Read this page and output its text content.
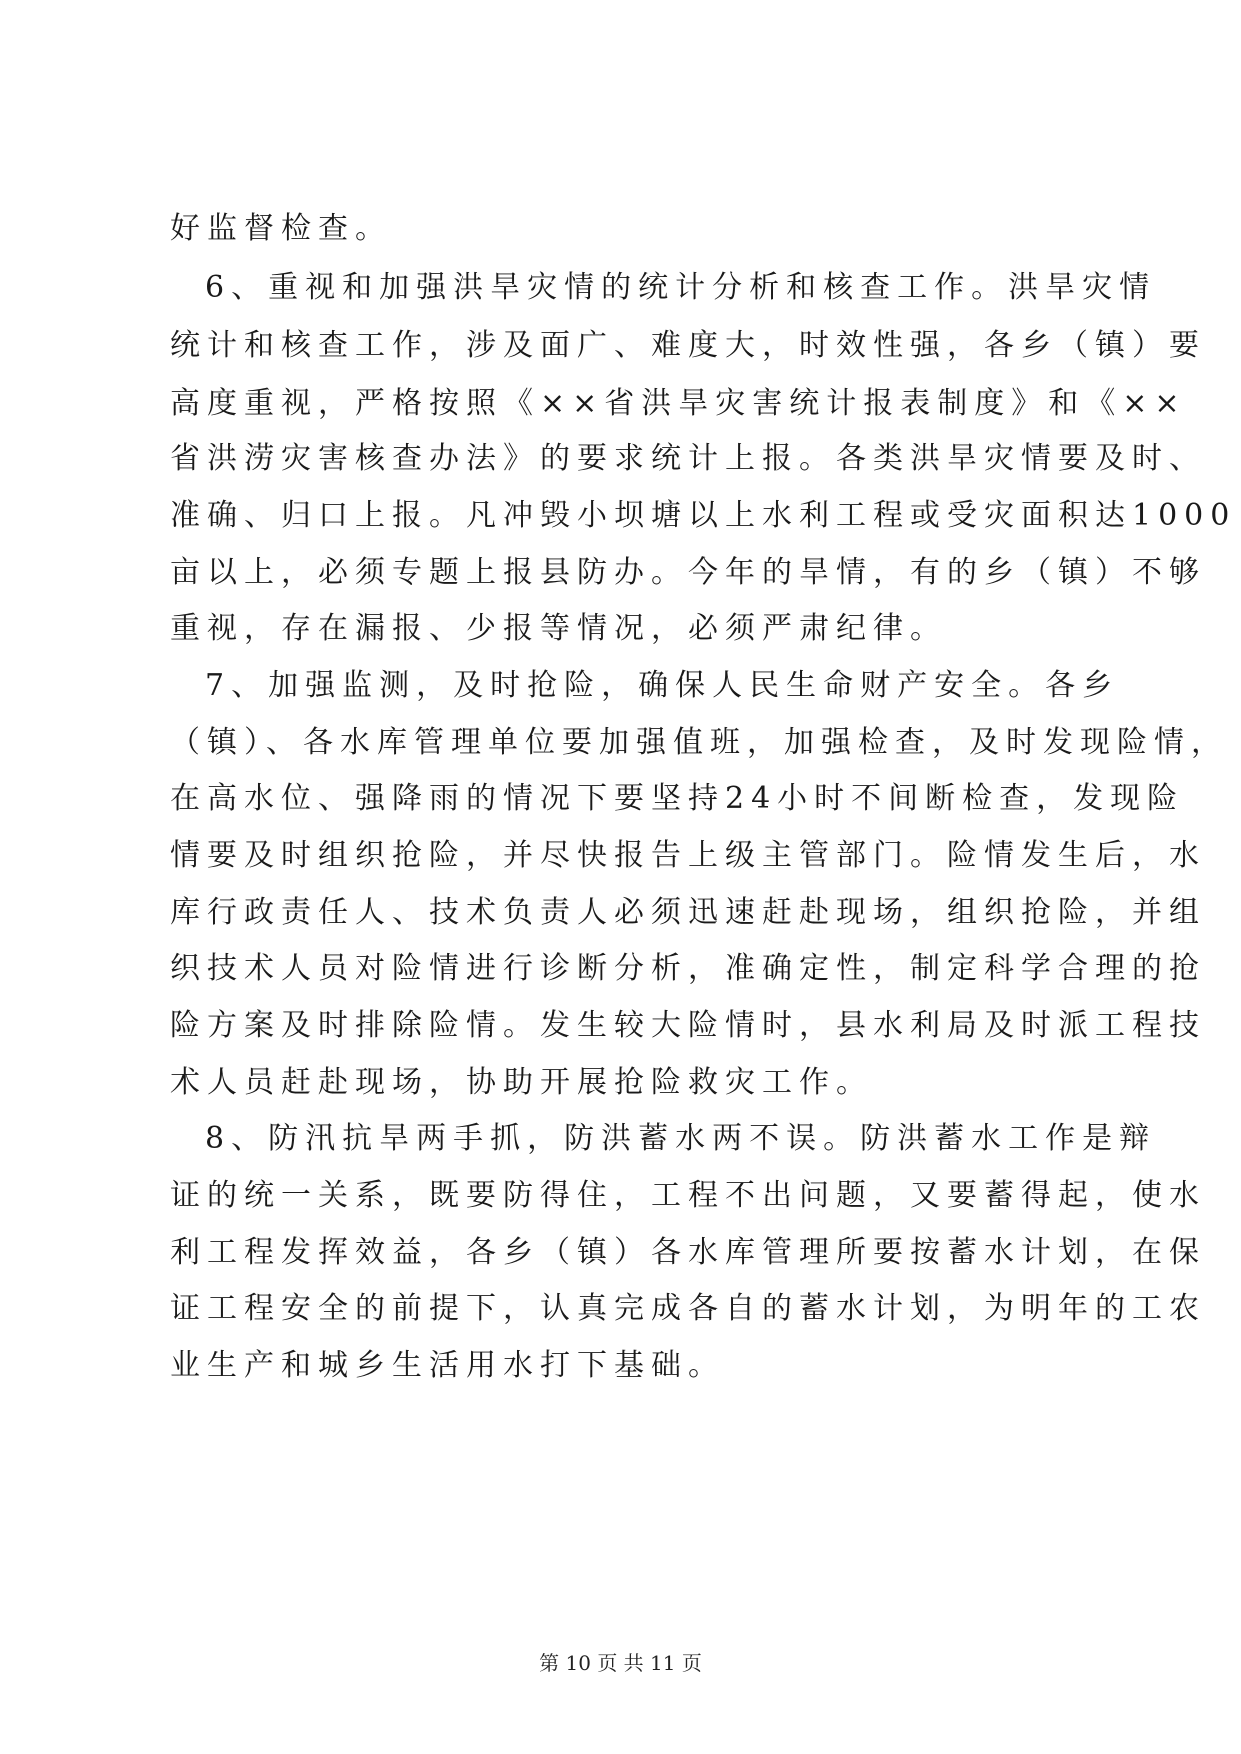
好监督检查。
6、重视和加强洪旱灾情的统计分析和核查工作。洪旱灾情
统计和核查工作，涉及面广、难度大，时效性强，各乡（镇）要
高度重视，严格按照《××省洪旱灾害统计报表制度》和《××
省洪涝灾害核查办法》的要求统计上报。各类洪旱灾情要及时、
准确、归口上报。凡冲毁小坝塘以上水利工程或受灾面积达1000
亩以上，必须专题上报县防办。今年的旱情，有的乡（镇）不够
重视，存在漏报、少报等情况，必须严肃纪律。
7、加强监测，及时抢险，确保人民生命财产安全。各乡
（镇）、各水库管理单位要加强值班，加强检查，及时发现险情，
在高水位、强降雨的情况下要坚持24小时不间断检查，发现险
情要及时组织抢险，并尽快报告上级主管部门。险情发生后，水
库行政责任人、技术负责人必须迅速赶赴现场，组织抢险，并组
织技术人员对险情进行诊断分析，准确定性，制定科学合理的抢
险方案及时排除险情。发生较大险情时，县水利局及时派工程技
术人员赶赴现场，协助开展抢险救灾工作。
8、防汛抗旱两手抓，防洪蓄水两不误。防洪蓄水工作是辩
证的统一关系，既要防得住，工程不出问题，又要蓄得起，使水
利工程发挥效益，各乡（镇）各水库管理所要按蓄水计划，在保
证工程安全的前提下，认真完成各自的蓄水计划，为明年的工农
业生产和城乡生活用水打下基础。
第 10 页 共 11 页
